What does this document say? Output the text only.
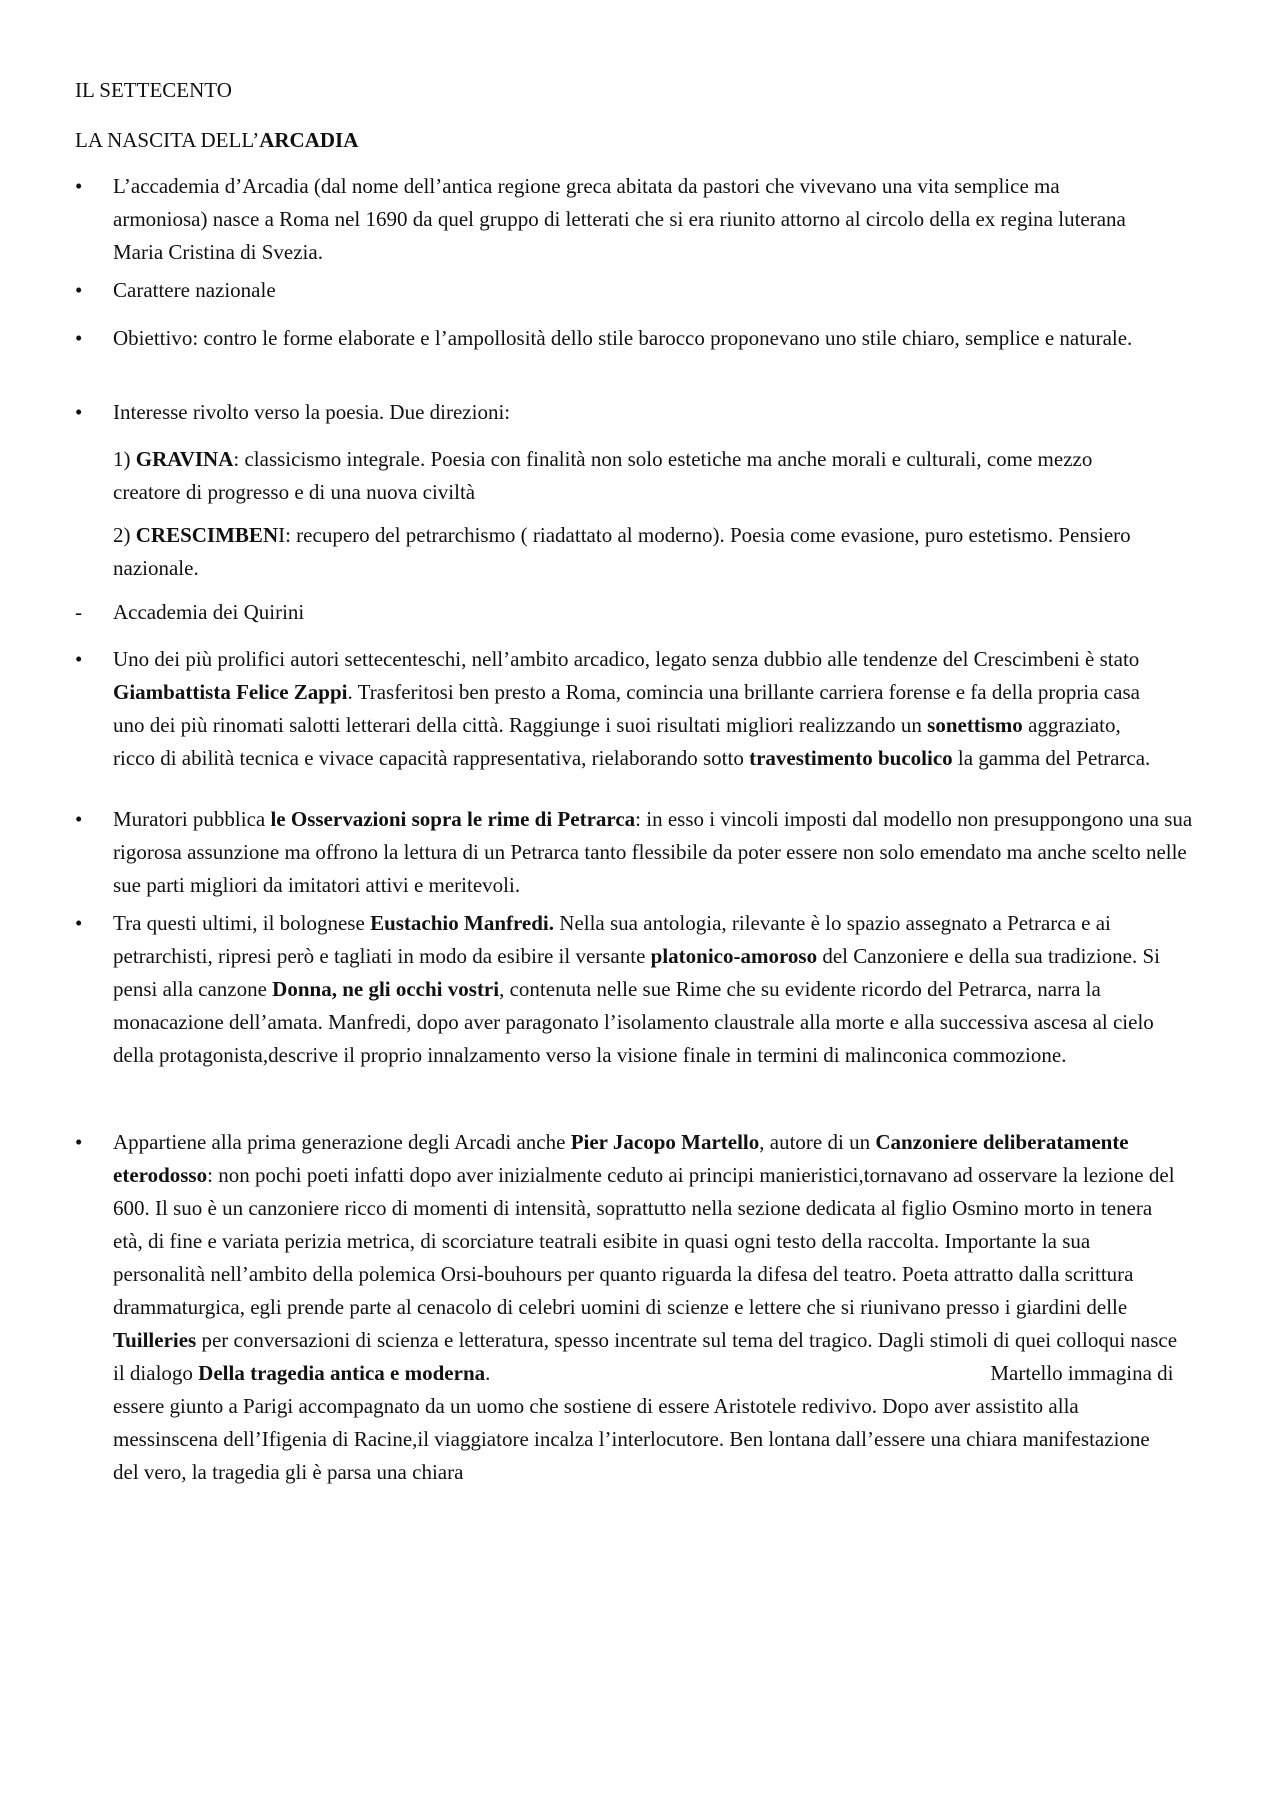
IL SETTECENTO
LA NASCITA DELL’ARCADIA
•	L’accademia d’Arcadia (dal nome dell’antica regione greca abitata da pastori che vivevano una vita semplice ma armoniosa) nasce a Roma nel 1690 da quel gruppo di letterati che si era riunito attorno al circolo della ex regina luterana Maria Cristina di Svezia.
•	Carattere nazionale
•	Obiettivo: contro le forme elaborate e l’ampollosità dello stile barocco proponevano uno stile chiaro, semplice e naturale.
•	Interesse rivolto verso la poesia. Due direzioni:
1) GRAVINA: classicismo integrale. Poesia con finalità non solo estetiche ma anche morali e culturali, come mezzo creatore di progresso e di una nuova civiltà
2) CRESCIMBENI: recupero del petrarchismo ( riadattato al moderno). Poesia come evasione, puro estetismo. Pensiero nazionale.
-	Accademia dei Quirini
•	Uno dei più prolifici autori settecenteschi, nell’ambito arcadico, legato senza dubbio alle tendenze del Crescimbeni è stato Giambattista Felice Zappi. Trasferitosi ben presto a Roma, comincia una brillante carriera forense e fa della propria casa uno dei più rinomati salotti letterari della città. Raggiunge i suoi risultati migliori realizzando un sonettismo aggraziato, ricco di abilità tecnica e vivace capacità rappresentativa, rielaborando sotto travestimento bucolico la gamma del Petrarca.
•	Muratori pubblica le Osservazioni sopra le rime di Petrarca: in esso i vincoli imposti dal modello non presuppongono una sua rigorosa assunzione ma offrono la lettura di un Petrarca tanto flessibile da poter essere non solo emendato ma anche scelto nelle sue parti migliori da imitatori attivi e meritevoli.
•	Tra questi ultimi, il bolognese Eustachio Manfredi. Nella sua antologia, rilevante è lo spazio assegnato a Petrarca e ai petrarchisti, ripresi però e tagliati in modo da esibire il versante platonico-amoroso del Canzoniere e della sua tradizione. Si pensi alla canzone Donna, ne gli occhi vostri, contenuta nelle sue Rime che su evidente ricordo del Petrarca, narra la monacazione dell’amata. Manfredi, dopo aver paragonato l’isolamento claustrale alla morte e alla successiva ascesa al cielo della protagonista,descrive il proprio innalzamento verso la visione finale in termini di malinconica commozione.
•	Appartiene alla prima generazione degli Arcadi anche Pier Jacopo Martello, autore di un Canzoniere deliberatamente eterodosso: non pochi poeti infatti dopo aver inizialmente ceduto ai principi manieristici,tornavano ad osservare la lezione del 600. Il suo è un canzoniere ricco di momenti di intensità, soprattutto nella sezione dedicata al figlio Osmino morto in tenera età, di fine e variata perizia metrica, di scorciature teatrali esibite in quasi ogni testo della raccolta. Importante la sua personalità nell’ambito della polemica Orsi-bouhours per quanto riguarda la difesa del teatro. Poeta attratto dalla scrittura drammaturgica, egli prende parte al cenacolo di celebri uomini di scienze e lettere che si riunivano presso i giardini delle Tuilleries per conversazioni di scienza e letteratura, spesso incentrate sul tema del tragico. Dagli stimoli di quei colloqui nasce il dialogo Della tragedia antica e moderna.	Martello immagina di essere giunto a Parigi accompagnato da un uomo che sostiene di essere Aristotele redivivo. Dopo aver assistito alla messinscena dell’Ifigenia di Racine,il viaggiatore incalza l’interlocutore. Ben lontana dall’essere una chiara manifestazione del vero, la tragedia gli è parsa una chiara
